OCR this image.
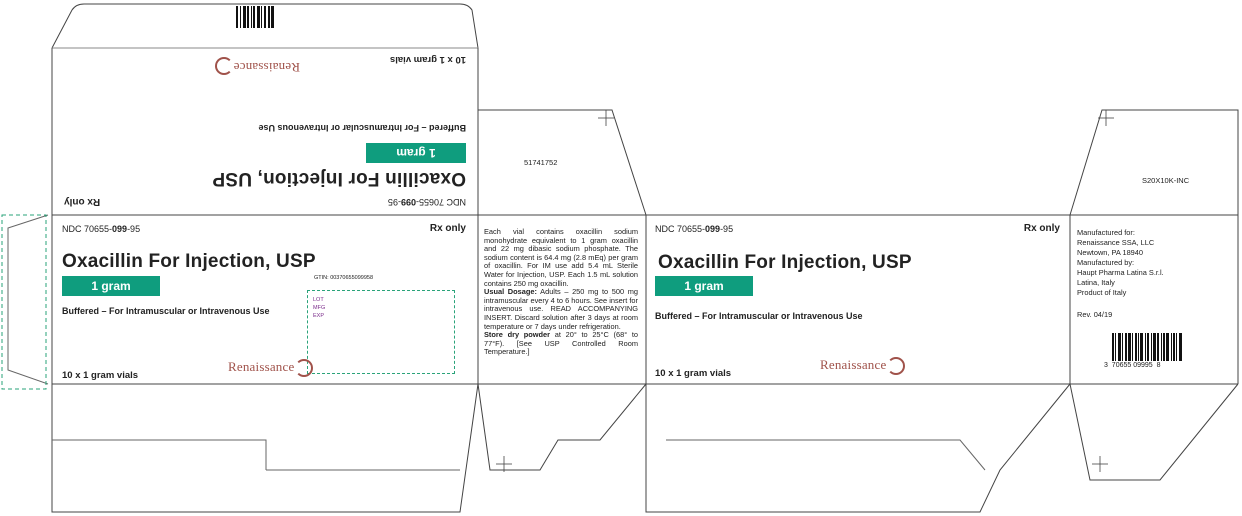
NDC 70655-099-95
Rx only
Oxacillin For Injection, USP
1 gram
Buffered – For Intramuscular or Intravenous Use
10 x 1 gram vials
Renaissance
NDC 70655-099-95	Rx only
Oxacillin For Injection, USP
1 gram
GTIN: 00370655099958
Buffered – For Intramuscular or Intravenous Use
LOT
MFG
EXP
10 x 1 gram vials
Renaissance
51741752
Each vial contains oxacillin sodium monohydrate equivalent to 1 gram oxacillin and 22 mg dibasic sodium phosphate. The sodium content is 64.4 mg (2.8 mEq) per gram of oxacillin. For IM use add 5.4 mL Sterile Water for Injection, USP. Each 1.5 mL solution contains 250 mg oxacillin.
Usual Dosage: Adults – 250 mg to 500 mg intramuscular every 4 to 6 hours. See insert for intravenous use. READ ACCOMPANYING INSERT. Discard solution after 3 days at room temperature or 7 days under refrigeration.
Store dry powder at 20° to 25°C (68° to 77°F). [See USP Controlled Room Temperature.]
NDC 70655-099-95	Rx only
Oxacillin For Injection, USP
1 gram
Buffered – For Intramuscular or Intravenous Use
10 x 1 gram vials
Renaissance
S20X10K-INC
Manufactured for:
Renaissance SSA, LLC
Newtown, PA 18940
Manufactured by:
Haupt Pharma Latina S.r.l.
Latina, Italy
Product of Italy
Rev. 04/19
3 70655 09995 8
